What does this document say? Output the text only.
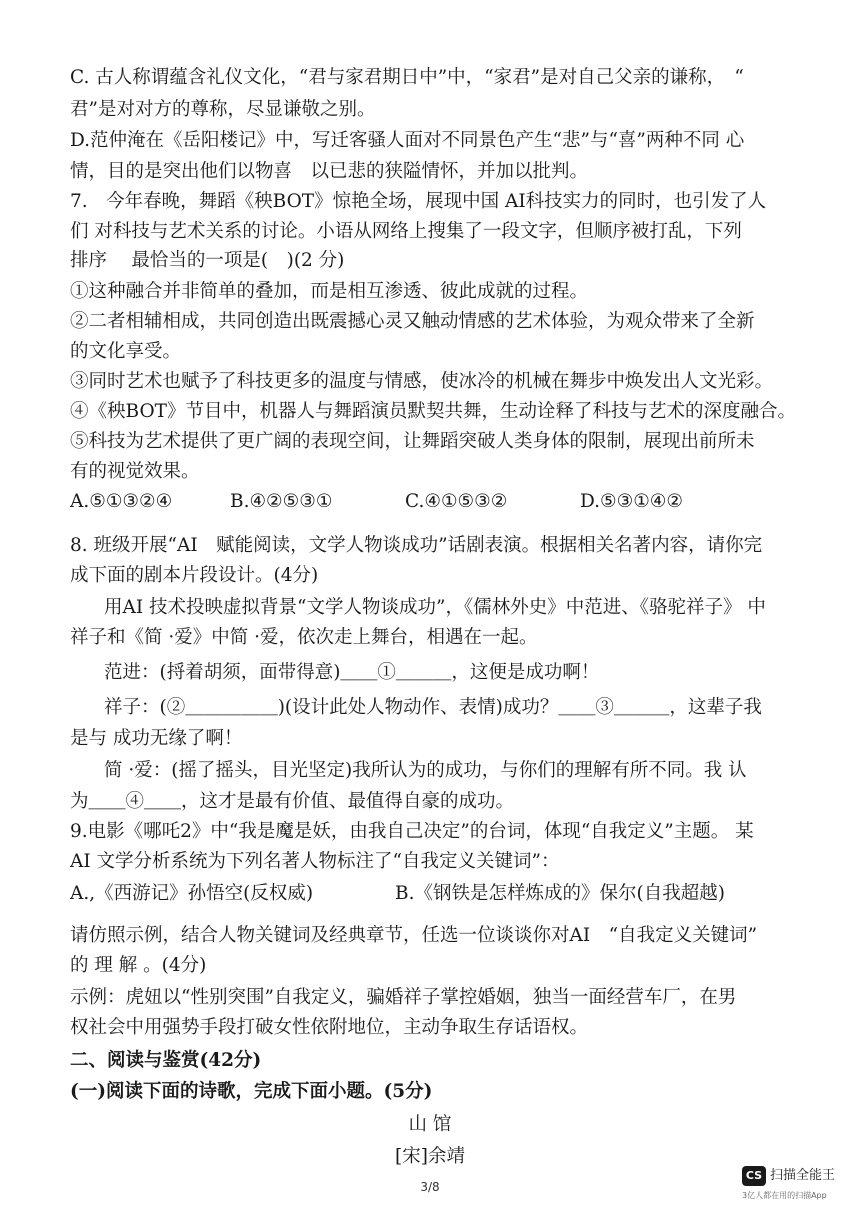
C. 古人称谓蕴含礼仪文化，“君与家君期日中”中，“家君”是对自己父亲的谦称，　“
君”是对对方的尊称，尽显谦敬之别。
D.范仲淹在《岳阳楼记》中，写迁客骚人面对不同景色产生“悲”与“喜”两种不同 心
情，目的是突出他们以物喜　以已悲的狭隘情怀，并加以批判。
7.　今年春晚，舞蹈《秧BOT》惊艳全场，展现中国 AI科技实力的同时，也引发了人
们 对科技与艺术关系的讨论。小语从网络上搜集了一段文字，但顺序被打乱，下列
排序　 最恰当的一项是(　)(2 分)
①这种融合并非简单的叠加，而是相互渗透、彼此成就的过程。
②二者相辅相成，共同创造出既震撼心灵又触动情感的艺术体验，为观众带来了全新
的文化享受。
③同时艺术也赋予了科技更多的温度与情感，使冰冷的机械在舞步中焕发出人文光彩。
④《秧BOT》节目中，机器人与舞蹈演员默契共舞，生动诠释了科技与艺术的深度融合。
⑤科技为艺术提供了更广阔的表现空间，让舞蹈突破人类身体的限制，展现出前所未
有的视觉效果。
A.⑤①③②④	B.④②⑤③①	C.④①⑤③②	D.⑤③①④②
8. 班级开展“AI　赋能阅读，文学人物谈成功”话剧表演。根据相关名著内容，请你完
成下面的剧本片段设计。(4分)
用AI 技术投映虚拟背景“文学人物谈成功”，《儒林外史》中范进、《骆驼祥子》 中
祥子和《简 ·爱》中简 ·爱，依次走上舞台，相遇在一起。
范进：(捋着胡须，面带得意)＿＿①＿＿＿，这便是成功啊！
祥子：(②＿＿＿＿＿)(设计此处人物动作、表情)成功？＿＿③＿＿＿，这辈子我
是与 成功无缘了啊！
简 ·爱：(摇了摇头，目光坚定)我所认为的成功，与你们的理解有所不同。我 认
为＿＿④＿＿，这才是最有价值、最值得自豪的成功。
9.电影《哪吒2》中“我是魔是妖，由我自己决定”的台词，体现“自我定义”主题。 某
AI 文学分析系统为下列名著人物标注了“自我定义关键词”：
A.,《西游记》孙悟空(反权威)	B.《钢铁是怎样炼成的》保尔(自我超越)
请仿照示例，结合人物关键词及经典章节，任选一位谈谈你对AI　“自我定义关键词”
的 理 解 。(4分)
示例：虎妞以“性别突围”自我定义，骗婚祥子掌控婚姻，独当一面经营车厂，在男
权社会中用强势手段打破女性依附地位，主动争取生存话语权。
二、阅读与鉴赏(42分)
(一)阅读下面的诗歌，完成下面小题。(5分)
山 馆
[宋]余靖
3/8
CS 扫描全能王
3亿人都在用的扫描App
